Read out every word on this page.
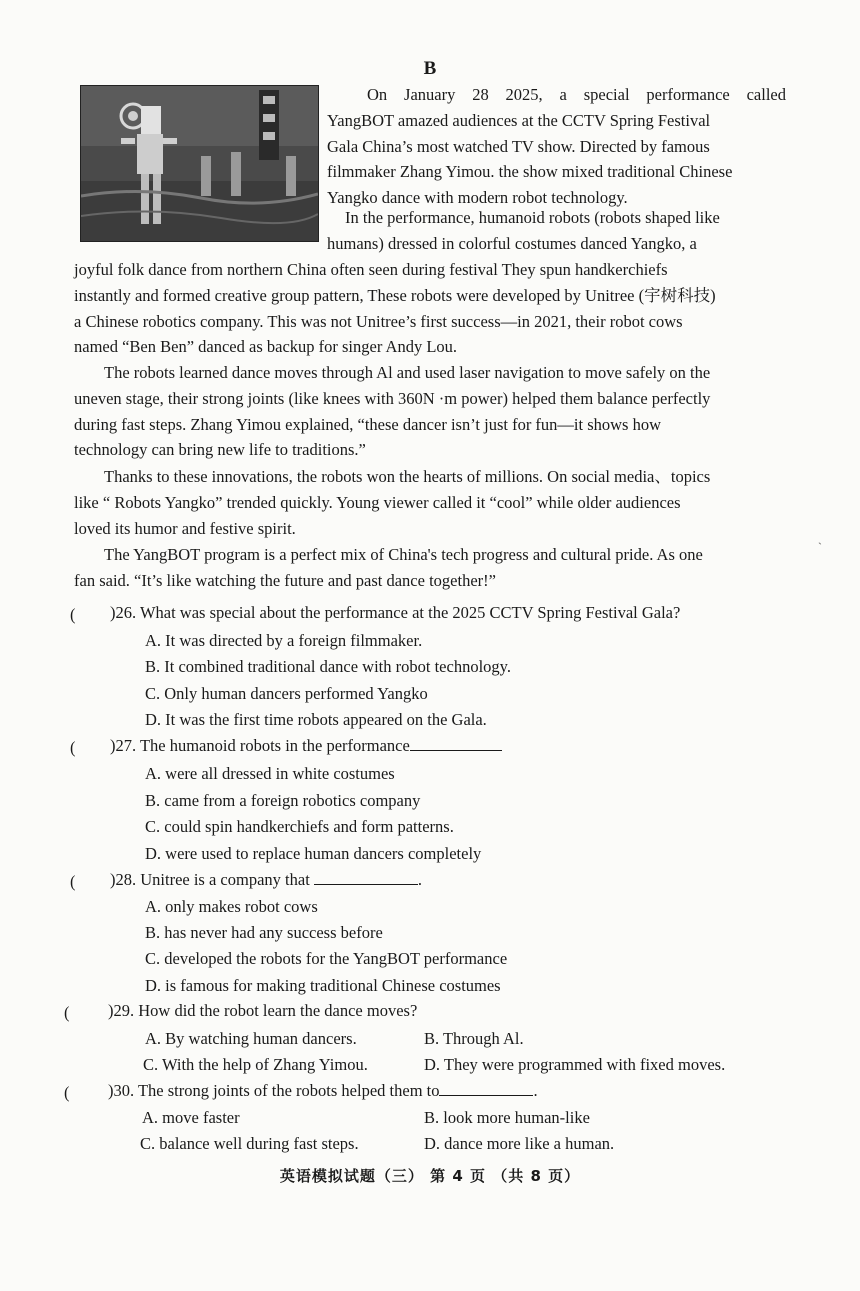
B
On January 28 2025, a special performance called
YangBOT amazed audiences at the CCTV Spring Festival
Gala China’s most watched TV show. Directed by famous
filmmaker Zhang Yimou. the show mixed traditional Chinese
Yangko dance with modern robot technology.
In the performance, humanoid robots (robots shaped like
humans) dressed in colorful costumes danced Yangko, a
joyful folk dance from northern China often seen during festival They spun handkerchiefs
instantly and formed creative group pattern, These robots were developed by Unitree (宇树科技)
a Chinese robotics company. This was not Unitree’s first success—in 2021, their robot cows
named “Ben Ben” danced as backup for singer Andy Lou.
The robots learned dance moves through Al and used laser navigation to move safely on the
uneven stage, their strong joints (like knees with 360N ·m power) helped them balance perfectly
during fast steps. Zhang Yimou explained, “these dancer isn’t just for fun—it shows how
technology can bring new life to traditions.”
Thanks to these innovations, the robots won the hearts of millions. On social media、topics
like “ Robots Yangko” trended quickly. Young viewer called it “cool” while older audiences
loved its humor and festive spirit.
The YangBOT program is a perfect mix of China's tech progress and cultural pride. As one
fan said. “It’s like watching the future and past dance together!”
ˋ
( )26. What was special about the performance at the 2025 CCTV Spring Festival Gala?
A. It was directed by a foreign filmmaker.
B. It combined traditional dance with robot technology.
C. Only human dancers performed Yangko
D. It was the first time robots appeared on the Gala.
( )27. The humanoid robots in the performance
A. were all dressed in white costumes
B. came from a foreign robotics company
C. could spin handkerchiefs and form patterns.
D. were used to replace human dancers completely
( )28. Unitree is a company that	.
A. only makes robot cows
B. has never had any success before
C. developed the robots for the YangBOT performance
D. is famous for making traditional Chinese costumes
( )29. How did the robot learn the dance moves?
A. By watching human dancers.	B. Through Al.
C. With the help of Zhang Yimou.	D. They were programmed with fixed moves.
( )30. The strong joints of the robots helped them to	.
A. move faster	B. look more human-like
C. balance well during fast steps.	D. dance more like a human.
英语模拟试题（三） 第 4 页 （共 8 页）
